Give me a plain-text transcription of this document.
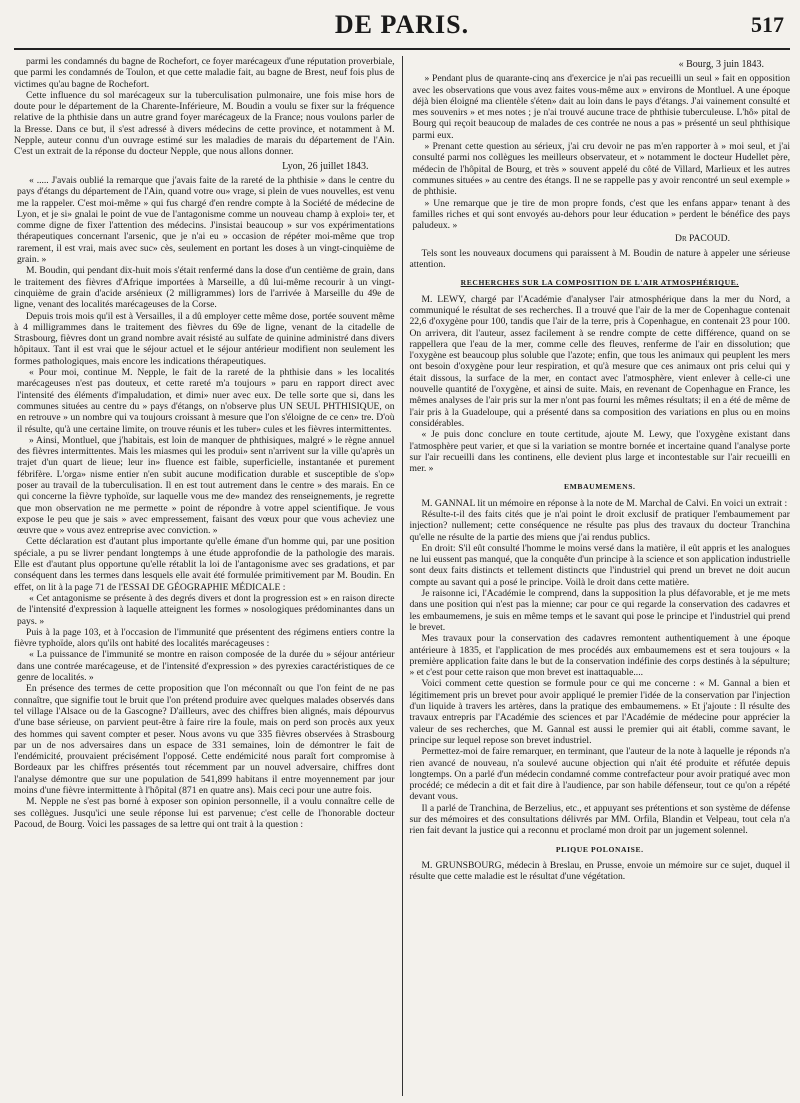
DE PARIS.	517

parmi les condamnés du bagne de Rochefort, ce foyer marécageux d'une réputation proverbiale, que parmi les condamnés de Toulon, et que cette maladie fait, au bagne de Brest, neuf fois plus de victimes qu'au bagne de Rochefort.

Cette influence du sol marécageux sur la tuberculisation pulmonaire, une fois mise hors de doute pour le département de la Charente-Inférieure, M. Boudin a voulu se fixer sur la fréquence relative de la phthisie dans un autre grand foyer marécageux de la France; nous voulons parler de la Bresse. Dans ce but, il s'est adressé à divers médecins de cette province, et notamment à M. Nepple, auteur connu d'un ouvrage estimé sur les maladies de marais du département de l'Ain. C'est un extrait de la réponse du docteur Nepple, que nous allons donner.

Lyon, 26 juillet 1843.

« ..... J'avais oublié la remarque que j'avais faite de la rareté de la phthisie » dans le centre du pays d'étangs du département de l'Ain, quand votre ou» vrage, si plein de vues nouvelles, est venu me la rappeler. C'est moi-même » qui fus chargé d'en rendre compte à la Société de médecine de Lyon, et je si» gnalai le point de vue de l'antagonisme comme un nouveau champ à exploi» ter, et comme digne de fixer l'attention des médecins. J'insistai beaucoup » sur vos expérimentations thérapeutiques concernant l'arsenic, que je n'ai eu » occasion de répéter moi-même que trop rarement, il est vrai, mais avec suc» cès, seulement en portant les doses à un vingt-cinquième de grain. »

M. Boudin, qui pendant dix-huit mois s'était renfermé dans la dose d'un centième de grain, dans le traitement des fièvres d'Afrique importées à Marseille, a dû lui-même recourir à un vingt-cinquième de grain d'acide arsénieux (2 milligrammes) lors de l'arrivée à Marseille du 49e de ligne, venant des localités marécageuses de la Corse.

Depuis trois mois qu'il est à Versailles, il a dû employer cette même dose, portée souvent même à 4 milligrammes dans le traitement des fièvres du 69e de ligne, venant de la citadelle de Strasbourg, fièvres dont un grand nombre avait résisté au sulfate de quinine administré dans divers hôpitaux. Tant il est vrai que le séjour actuel et le séjour antérieur modifient non seulement les formes pathologiques, mais encore les indications thérapeutiques.

« Pour moi, continue M. Nepple, le fait de la rareté de la phthisie dans » les localités marécageuses n'est pas douteux, et cette rareté m'a toujours » paru en rapport direct avec l'intensité des éléments d'impaludation, et dimi» nuer avec eux. De telle sorte que si, dans les communes situées au centre du » pays d'étangs, on n'observe plus UN SEUL PHTHISIQUE, on en retrouve » un nombre qui va toujours croissant à mesure que l'on s'éloigne de ce cen» tre. D'où il résulte, qu'à une certaine limite, on trouve réunis et les tuber» cules et les fièvres intermittentes.

» Ainsi, Montluel, que j'habitais, est loin de manquer de phthisiques, malgré » le règne annuel des fièvres intermittentes. Mais les miasmes qui les produi» sent n'arrivent sur la ville qu'après un trajet d'un quart de lieue; leur in» fluence est faible, superficielle, instantanée et purement fébrifère. L'orga» nisme entier n'en subit aucune modification durable et susceptible de s'op» poser au travail de la tuberculisation. Il en est tout autrement dans le centre » des marais. En ce qui concerne la fièvre typhoïde, sur laquelle vous me de» mandez des renseignements, je regrette que mon observation ne me permette » point de répondre à votre appel scientifique. Je vous expose le peu que je sais » avec empressement, faisant des vœux pour que vous acheviez une œuvre que » vous avez entreprise avec conviction. »

Cette déclaration est d'autant plus importante qu'elle émane d'un homme qui, par une position spéciale, a pu se livrer pendant longtemps à une étude approfondie de la pathologie des marais. Elle est d'autant plus opportune qu'elle rétablit la loi de l'antagonisme avec ses gradations, et par conséquent dans les termes dans lesquels elle avait été formulée primitivement par M. Boudin. En effet, on lit à la page 71 de l'ESSAI DE GÉOGRAPHIE MÉDICALE :

« Cet antagonisme se présente à des degrés divers et dont la progression est » en raison directe de l'intensité d'expression à laquelle atteignent les formes » nosologiques prédominantes dans un pays. »

Puis à la page 103, et à l'occasion de l'immunité que présentent des régimens entiers contre la fièvre typhoïde, alors qu'ils ont habité des localités marécageuses :

« La puissance de l'immunité se montre en raison composée de la durée du » séjour antérieur dans une contrée marécageuse, et de l'intensité d'expression » des pyrexies caractéristiques de ce genre de localités. »

En présence des termes de cette proposition que l'on méconnaît ou que l'on feint de ne pas connaître, que signifie tout le bruit que l'on prétend produire avec quelques malades observés dans tel village l'Alsace ou de la Gascogne? D'ailleurs, avec des chiffres bien alignés, mais dépourvus d'une base sérieuse, on parvient peut-être à faire rire la foule, mais on perd son procès aux yeux des hommes qui savent compter et peser. Nous avons vu que 335 fièvres observées à Strasbourg par un de nos adversaires dans un espace de 331 semaines, loin de démontrer le fait de l'endémicité, prouvaient précisément l'opposé. Cette endémicité nous paraît fort compromise à Bordeaux par les chiffres présentés tout récemment par un nouvel adversaire, chiffres dont l'analyse démontre que sur une population de 541,899 habitans il entre moyennement par jour moins d'une fièvre intermittente à l'hôpital (871 en quatre ans). Mais ceci pour une autre fois.

M. Nepple ne s'est pas borné à exposer son opinion personnelle, il a voulu connaître celle de ses collègues. Jusqu'ici une seule réponse lui est parvenue; c'est celle de l'honorable docteur Pacoud, de Bourg. Voici les passages de sa lettre qui ont trait à la question :

« Bourg, 3 juin 1843.

» Pendant plus de quarante-cinq ans d'exercice je n'ai pas recueilli un seul » fait en opposition avec les observations que vous avez faites vous-même aux » environs de Montluel. A une époque déjà bien éloigné ma clientèle s'éten» dait au loin dans le pays d'étangs. J'ai vainement consulté et mes souvenirs » et mes notes ; je n'ai trouvé aucune trace de phthisie tuberculeuse. L'hô» pital de Bourg qui reçoit beaucoup de malades de ces contrée ne nous a pas » présenté un seul phthisique parmi eux.

» Prenant cette question au sérieux, j'ai cru devoir ne pas m'en rapporter à » moi seul, et j'ai consulté parmi nos collègues les meilleurs observateur, et » notamment le docteur Hudellet père, médecin de l'hôpital de Bourg, et très » souvent appelé du côté de Villard, Marlieux et les autres communes situées » au centre des étangs. Il ne se rappelle pas y avoir rencontré un seul exemple » de phthisie.

» Une remarque que je tire de mon propre fonds, c'est que les enfans appar» tenant à des familles riches et qui sont envoyés au-dehors pour leur éducation » perdent le bénéfice des pays paludeux. »

Dr PACOUD.

Tels sont les nouveaux documens qui paraissent à M. Boudin de nature à appeler une sérieuse attention.

RECHERCHES SUR LA COMPOSITION DE L'AIR ATMOSPHÉRIQUE.

M. LEWY, chargé par l'Académie d'analyser l'air atmosphérique dans la mer du Nord, a communiqué le résultat de ses recherches. Il a trouvé que l'air de la mer de Copenhague contenait 22,6 d'oxygène pour 100, tandis que l'air de la terre, pris à Copenhague, en contenait 23 pour 100. On arrivera, dit l'auteur, assez facilement à se rendre compte de cette différence, quand on se rappellera que l'eau de la mer, comme celle des fleuves, renferme de l'air en dissolution; que l'oxygène est beaucoup plus soluble que l'azote; enfin, que tous les animaux qui peuplent les mers ont besoin d'oxygène pour leur respiration, et qu'à mesure que ces animaux ont pris celui qui y était dissous, la surface de la mer, en contact avec l'atmosphère, vient enlever à celle-ci une nouvelle quantité de l'oxygène, et ainsi de suite. Mais, en revenant de Copenhague en France, les mêmes analyses de l'air pris sur la mer n'ont pas fourni les mêmes résultats; il en a été de même de l'air pris à la Guadeloupe, qui a présenté dans sa composition des variations en plus ou en moins considérables.

« Je puis donc conclure en toute certitude, ajoute M. Lewy, que l'oxygène existant dans l'atmosphère peut varier, et que si la variation se montre bornée et incertaine quand l'analyse porte sur l'air recueilli dans les continens, elle devient plus large et incontestable sur l'air recueilli en mer. »

EMBAUMEMENS.

M. GANNAL lit un mémoire en réponse à la note de M. Marchal de Calvi. En voici un extrait :

Résulte-t-il des faits cités que je n'ai point le droit exclusif de pratiquer l'embaumement par injection? nullement; cette conséquence ne résulte pas plus des travaux du docteur Tranchina qu'elle ne résulte de la partie des miens que j'ai rendus publics.

En droit: S'il eût consulté l'homme le moins versé dans la matière, il eût appris et les analogues ne lui eussent pas manqué, que la conquête d'un principe à la science et son application industrielle sont deux faits distincts et tellement distincts que l'industriel qui prend un brevet ne doit aucun compte au savant qui a posé le principe. Voilà le droit dans cette matière.

Je raisonne ici, l'Académie le comprend, dans la supposition la plus défavorable, et je me mets dans une position qui n'est pas la mienne; car pour ce qui regarde la conservation des cadavres et les embaumemens, je suis en même temps et le savant qui pose le principe et l'industriel qui prend le brevet.

Mes travaux pour la conservation des cadavres remontent authentiquement à une époque antérieure à 1835, et l'application de mes procédés aux embaumemens est et sera toujours « la première application faite dans le but de la conservation indéfinie des corps destinés à la sépulture; » et c'est pour cette raison que mon brevet est inattaquable....

Voici comment cette question se formule pour ce qui me concerne : « M. Gannal a bien et légitimement pris un brevet pour avoir appliqué le premier l'idée de la conservation par l'injection d'un liquide à travers les artères, dans la pratique des embaumemens. » Et j'ajoute : Il résulte des travaux entrepris par l'Académie des sciences et par l'Académie de médecine pour apprécier la valeur de ses recherches, que M. Gannal est aussi le premier qui ait établi, comme savant, le principe sur lequel repose son brevet industriel.

Permettez-moi de faire remarquer, en terminant, que l'auteur de la note à laquelle je réponds n'a rien avancé de nouveau, n'a soulevé aucune objection qui n'ait été produite et réfutée depuis longtemps. On a parlé d'un médecin condamné comme contrefacteur pour avoir pratiqué avec mon procédé; ce médecin a dit et fait dire à l'audience, par son habile défenseur, tout ce qu'on a répété devant vous.

Il a parlé de Tranchina, de Berzelius, etc., et appuyant ses prétentions et son système de défense sur des mémoires et des consultations délivrés par MM. Orfila, Blandin et Velpeau, tout cela n'a rien fait devant la justice qui a reconnu et proclamé mon droit par un jugement solennel.

PLIQUE POLONAISE.

M. GRUNSBOURG, médecin à Breslau, en Prusse, envoie un mémoire sur ce sujet, duquel il résulte que cette maladie est le résultat d'une végétation.
